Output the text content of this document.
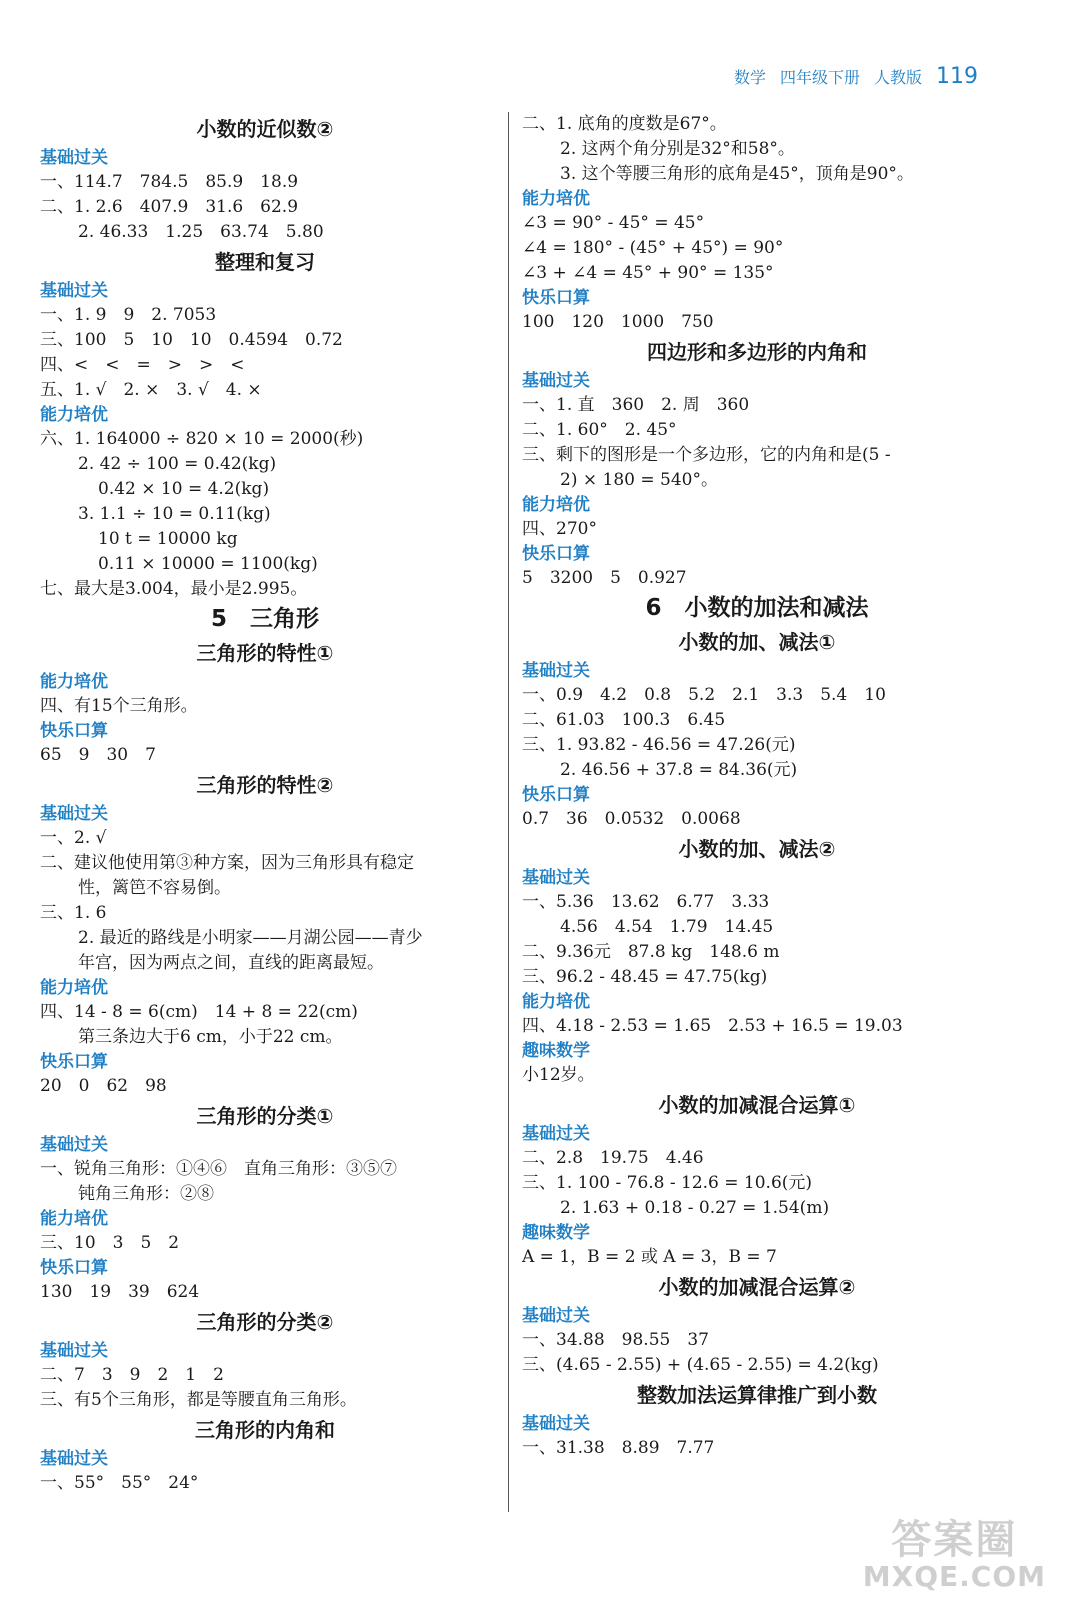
数学 四年级下册 人教版 119
小数的近似数②
基础过关
一、114.7　784.5　85.9　18.9
二、1. 2.6　407.9　31.6　62.9
2. 46.33　1.25　63.74　5.80
整理和复习
基础过关
一、1. 9　9　2. 7053
三、100　5　10　10　0.4594　0.72
四、<　<　=　>　>　<
五、1. √　2. ×　3. √　4. ×
能力培优
六、1. 164000 ÷ 820 × 10 = 2000(秒)
2. 42 ÷ 100 = 0.42(kg)
0.42 × 10 = 4.2(kg)
3. 1.1 ÷ 10 = 0.11(kg)
10 t = 10000 kg
0.11 × 10000 = 1100(kg)
七、最大是3.004，最小是2.995。
5　三角形
三角形的特性①
能力培优
四、有15个三角形。
快乐口算
65　9　30　7
三角形的特性②
基础过关
一、2. √
二、建议他使用第③种方案，因为三角形具有稳定
性，篱笆不容易倒。
三、1. 6
2. 最近的路线是小明家——月湖公园——青少
年宫，因为两点之间，直线的距离最短。
能力培优
四、14 - 8 = 6(cm)　14 + 8 = 22(cm)
第三条边大于6 cm，小于22 cm。
快乐口算
20　0　62　98
三角形的分类①
基础过关
一、锐角三角形：①④⑥　直角三角形：③⑤⑦
钝角三角形：②⑧
能力培优
三、10　3　5　2
快乐口算
130　19　39　624
三角形的分类②
基础过关
二、7　3　9　2　1　2
三、有5个三角形，都是等腰直角三角形。
三角形的内角和
基础过关
一、55°　55°　24°
二、1. 底角的度数是67°。
2. 这两个角分别是32°和58°。
3. 这个等腰三角形的底角是45°，顶角是90°。
能力培优
∠3 = 90° - 45° = 45°
∠4 = 180° - (45° + 45°) = 90°
∠3 + ∠4 = 45° + 90° = 135°
快乐口算
100　120　1000　750
四边形和多边形的内角和
基础过关
一、1. 直　360　2. 周　360
二、1. 60°　2. 45°
三、剩下的图形是一个多边形，它的内角和是(5 -
2) × 180 = 540°。
能力培优
四、270°
快乐口算
5　3200　5　0.927
6　小数的加法和减法
小数的加、减法①
基础过关
一、0.9　4.2　0.8　5.2　2.1　3.3　5.4　10
二、61.03　100.3　6.45
三、1. 93.82 - 46.56 = 47.26(元)
2. 46.56 + 37.8 = 84.36(元)
快乐口算
0.7　36　0.0532　0.0068
小数的加、减法②
基础过关
一、5.36　13.62　6.77　3.33
4.56　4.54　1.79　14.45
二、9.36元　87.8 kg　148.6 m
三、96.2 - 48.45 = 47.75(kg)
能力培优
四、4.18 - 2.53 = 1.65　2.53 + 16.5 = 19.03
趣味数学
小12岁。
小数的加减混合运算①
基础过关
二、2.8　19.75　4.46
三、1. 100 - 76.8 - 12.6 = 10.6(元)
2. 1.63 + 0.18 - 0.27 = 1.54(m)
趣味数学
A = 1，B = 2 或 A = 3，B = 7
小数的加减混合运算②
基础过关
一、34.88　98.55　37
三、(4.65 - 2.55) + (4.65 - 2.55) = 4.2(kg)
整数加法运算律推广到小数
基础过关
一、31.38　8.89　7.77
答案圈
MXQE.COM
